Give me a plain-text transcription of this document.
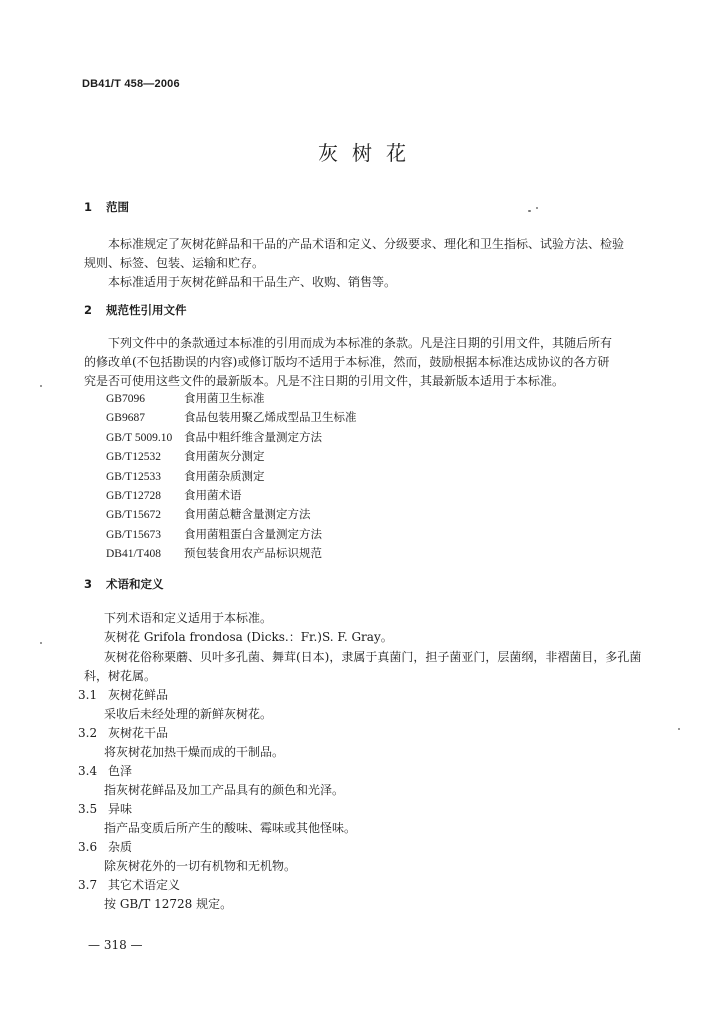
DB41/T 458—2006
灰树花
1 范围
本标准规定了灰树花鲜品和干品的产品术语和定义、分级要求、理化和卫生指标、试验方法、检验
规则、标签、包装、运输和贮存。
本标准适用于灰树花鲜品和干品生产、收购、销售等。
2 规范性引用文件
下列文件中的条款通过本标准的引用而成为本标准的条款。凡是注日期的引用文件，其随后所有
的修改单(不包括勘误的内容)或修订版均不适用于本标准，然而，鼓励根据本标准达成协议的各方研
究是否可使用这些文件的最新版本。凡是不注日期的引用文件，其最新版本适用于本标准。
GB7096	食用菌卫生标准
GB9687	食品包装用聚乙烯成型品卫生标准
GB/T 5009.10 食品中粗纤维含量测定方法
GB/T12532 食用菌灰分测定
GB/T12533 食用菌杂质测定
GB/T12728 食用菌术语
GB/T15672 食用菌总糖含量测定方法
GB/T15673 食用菌粗蛋白含量测定方法
DB41/T408 预包装食用农产品标识规范
3 术语和定义
下列术语和定义适用于本标准。
灰树花 Grifola frondosa (Dicks.：Fr.)S. F. Gray。
灰树花俗称栗蘑、贝叶多孔菌、舞茸(日本)，隶属于真菌门，担子菌亚门，层菌纲，非褶菌目，多孔菌
科，树花属。
3.1 灰树花鲜品
采收后未经处理的新鲜灰树花。
3.2 灰树花干品
将灰树花加热干燥而成的干制品。
3.4 色泽
指灰树花鲜品及加工产品具有的颜色和光泽。
3.5 异味
指产品变质后所产生的酸味、霉味或其他怪味。
3.6 杂质
除灰树花外的一切有机物和无机物。
3.7 其它术语定义
按 GB/T 12728 规定。
— 318 —
